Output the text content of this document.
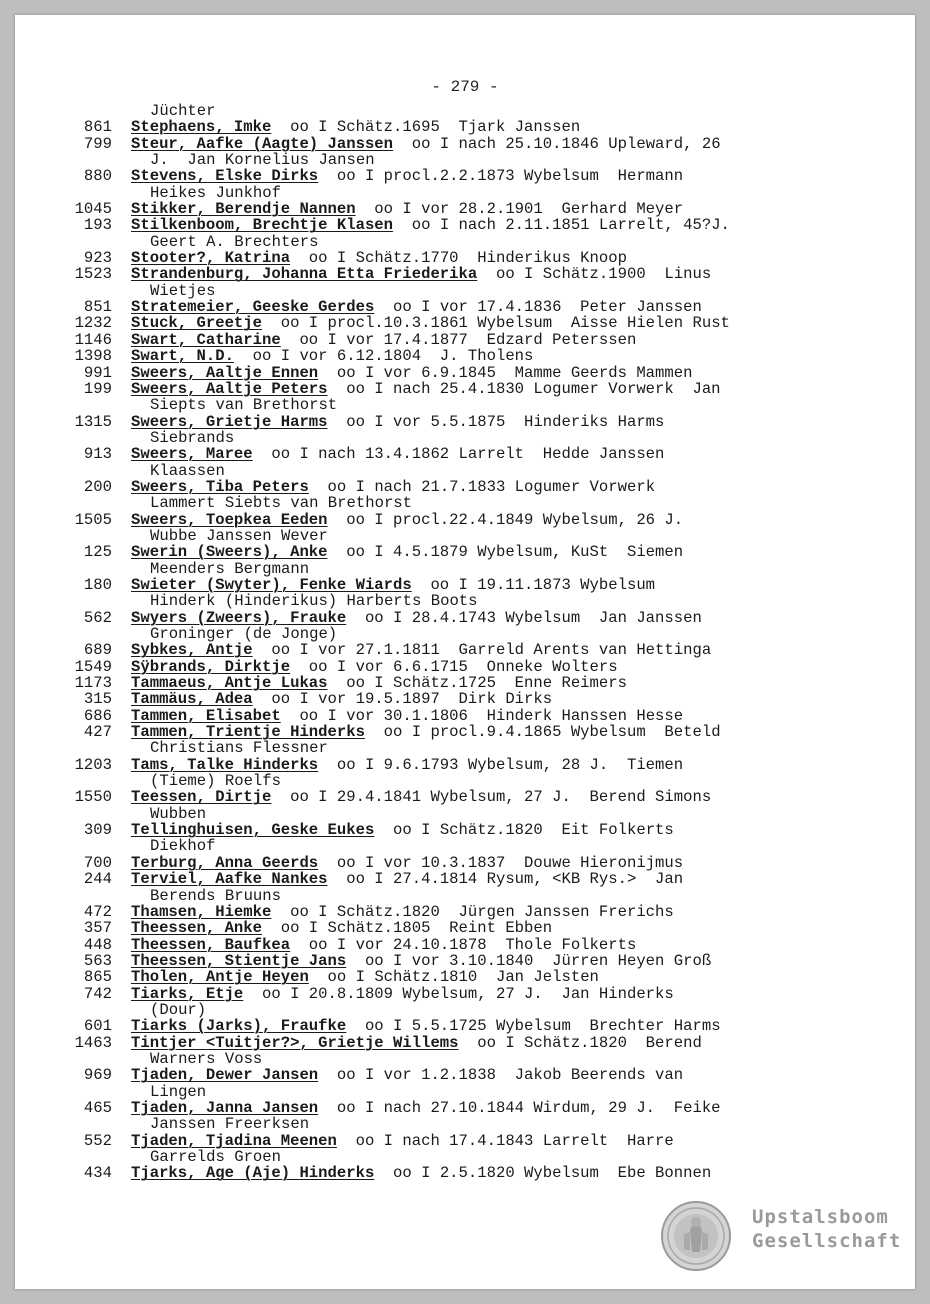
- 279 -
Jüchter
861 Stephaens, Imke  oo I Schätz.1695  Tjark Janssen
799 Steur, Aafke (Aagte) Janssen  oo I nach 25.10.1846 Upleward, 26
J.  Jan Kornelius Jansen
880 Stevens, Elske Dirks  oo I procl.2.2.1873 Wybelsum  Hermann
Heikes Junkhof
1045 Stikker, Berendje Nannen  oo I vor 28.2.1901  Gerhard Meyer
193 Stilkenboom, Brechtje Klasen  oo I nach 2.11.1851 Larrelt, 45?J.
Geert A. Brechters
923 Stooter?, Katrina  oo I Schätz.1770  Hinderikus Knoop
1523 Strandenburg, Johanna Etta Friederika  oo I Schätz.1900  Linus
Wietjes
851 Stratemeier, Geeske Gerdes  oo I vor 17.4.1836  Peter Janssen
1232 Stuck, Greetje  oo I procl.10.3.1861 Wybelsum  Aisse Hielen Rust
1146 Swart, Catharine  oo I vor 17.4.1877  Edzard Peterssen
1398 Swart, N.D.  oo I vor 6.12.1804  J. Tholens
991 Sweers, Aaltje Ennen  oo I vor 6.9.1845  Mamme Geerds Mammen
199 Sweers, Aaltje Peters  oo I nach 25.4.1830 Logumer Vorwerk  Jan
Siepts van Brethorst
1315 Sweers, Grietje Harms  oo I vor 5.5.1875  Hinderiks Harms
Siebrands
913 Sweers, Maree  oo I nach 13.4.1862 Larrelt  Hedde Janssen
Klaassen
200 Sweers, Tiba Peters  oo I nach 21.7.1833 Logumer Vorwerk
Lammert Siebts van Brethorst
1505 Sweers, Toepkea Eeden  oo I procl.22.4.1849 Wybelsum, 26 J.
Wubbe Janssen Wever
125 Swerin (Sweers), Anke  oo I 4.5.1879 Wybelsum, KuSt  Siemen
Meenders Bergmann
180 Swieter (Swyter), Fenke Wiards  oo I 19.11.1873 Wybelsum
Hinderk (Hinderikus) Harberts Boots
562 Swyers (Zweers), Frauke  oo I 28.4.1743 Wybelsum  Jan Janssen
Groninger (de Jonge)
689 Sybkes, Antje  oo I vor 27.1.1811  Garreld Arents van Hettinga
1549 Sÿbrands, Dirktje  oo I vor 6.6.1715  Onneke Wolters
1173 Tammaeus, Antje Lukas  oo I Schätz.1725  Enne Reimers
315 Tammäus, Adea  oo I vor 19.5.1897  Dirk Dirks
686 Tammen, Elisabet  oo I vor 30.1.1806  Hinderk Hanssen Hesse
427 Tammen, Trientje Hinderks  oo I procl.9.4.1865 Wybelsum  Beteld
Christians Flessner
1203 Tams, Talke Hinderks  oo I 9.6.1793 Wybelsum, 28 J.  Tiemen
(Tieme) Roelfs
1550 Teessen, Dirtje  oo I 29.4.1841 Wybelsum, 27 J.  Berend Simons
Wubben
309 Tellinghuisen, Geske Eukes  oo I Schätz.1820  Eit Folkerts
Diekhof
700 Terburg, Anna Geerds  oo I vor 10.3.1837  Douwe Hieronijmus
244 Terviel, Aafke Nankes  oo I 27.4.1814 Rysum, <KB Rys.>  Jan
Berends Bruuns
472 Thamsen, Hiemke  oo I Schätz.1820  Jürgen Janssen Frerichs
357 Theessen, Anke  oo I Schätz.1805  Reint Ebben
448 Theessen, Baufkea  oo I vor 24.10.1878  Thole Folkerts
563 Theessen, Stientje Jans  oo I vor 3.10.1840  Jürren Heyen Groß
865 Tholen, Antje Heyen  oo I Schätz.1810  Jan Jelsten
742 Tiarks, Etje  oo I 20.8.1809 Wybelsum, 27 J.  Jan Hinderks
(Dour)
601 Tiarks (Jarks), Fraufke  oo I 5.5.1725 Wybelsum  Brechter Harms
1463 Tintjer <Tuitjer?>, Grietje Willems  oo I Schätz.1820  Berend
Warners Voss
969 Tjaden, Dewer Jansen  oo I vor 1.2.1838  Jakob Beerends van
Lingen
465 Tjaden, Janna Jansen  oo I nach 27.10.1844 Wirdum, 29 J.  Feike
Janssen Freerksen
552 Tjaden, Tjadina Meenen  oo I nach 17.4.1843 Larrelt  Harre
Garrelds Groen
434 Tjarks, Age (Aje) Hinderks  oo I 2.5.1820 Wybelsum  Ebe Bonnen
Upstalsboom
Gesellschaft
